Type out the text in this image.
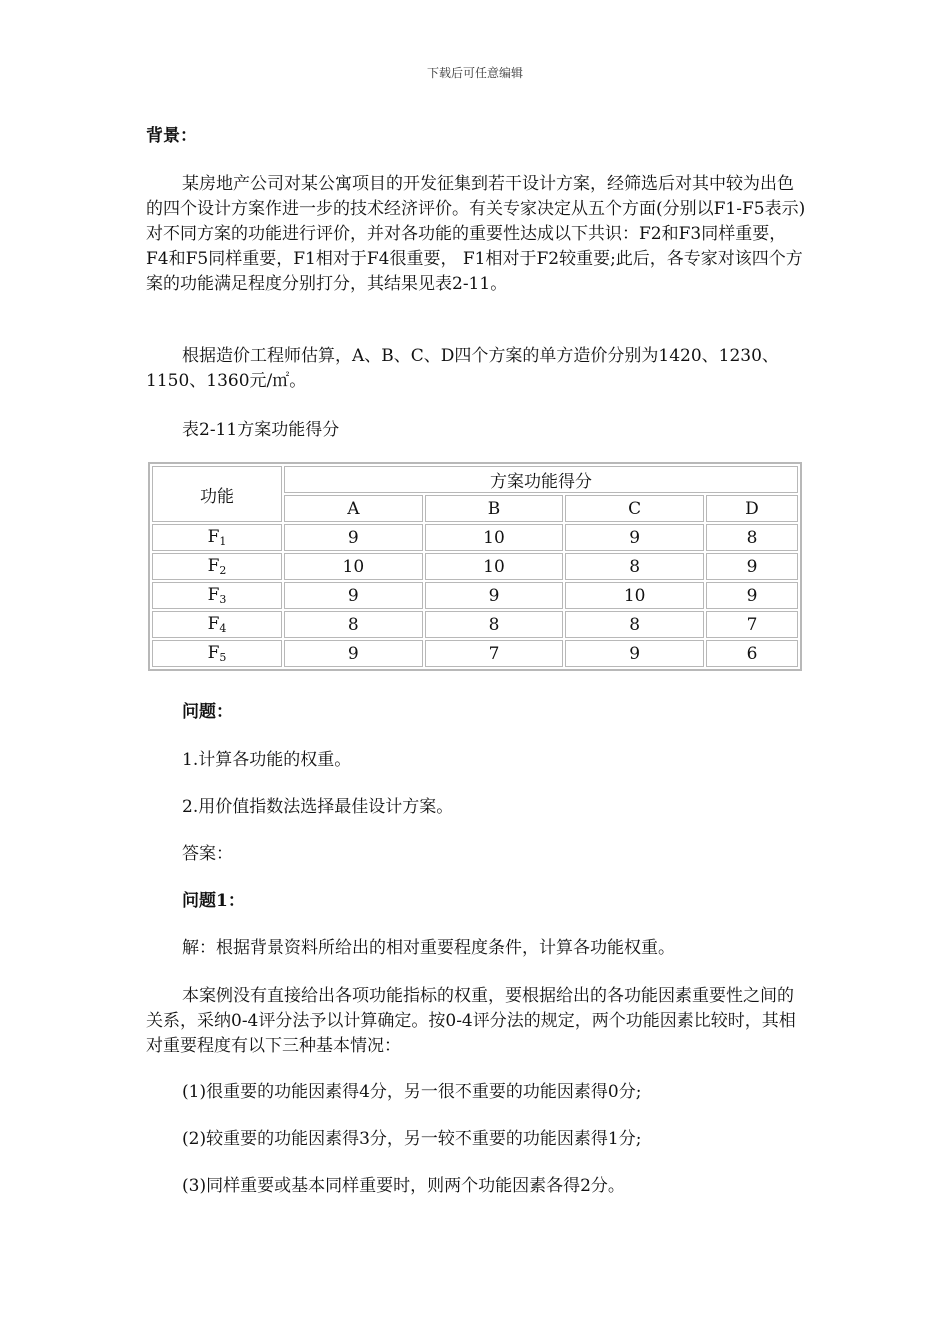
下载后可任意编辑

背景：

某房地产公司对某公寓项目的开发征集到若干设计方案，经筛选后对其中较为出色的四个设计方案作进一步的技术经济评价。有关专家决定从五个方面(分别以F1-F5表示)对不同方案的功能进行评价，并对各功能的重要性达成以下共识：F2和F3同样重要，F4和F5同样重要，F1相对于F4很重要， F1相对于F2较重要;此后，各专家对该四个方案的功能满足程度分别打分，其结果见表2-11。

根据造价工程师估算，A、B、C、D四个方案的单方造价分别为1420、1230、1150、1360元/㎡。

表2-11方案功能得分

功能	方案功能得分			
	A	B	C	D
$F_1$	9	10	9	8
$F_2$	10	10	8	9
$F_3$	9	9	10	9
$F_4$	8	8	8	7
$F_5$	9	7	9	6

问题：

1.计算各功能的权重。

2.用价值指数法选择最佳设计方案。

答案：

问题1：

解：根据背景资料所给出的相对重要程度条件，计算各功能权重。

本案例没有直接给出各项功能指标的权重，要根据给出的各功能因素重要性之间的关系，采纳0-4评分法予以计算确定。按0-4评分法的规定，两个功能因素比较时，其相对重要程度有以下三种基本情况：

(1)很重要的功能因素得4分，另一很不重要的功能因素得0分;

(2)较重要的功能因素得3分，另一较不重要的功能因素得1分;

(3)同样重要或基本同样重要时，则两个功能因素各得2分。
